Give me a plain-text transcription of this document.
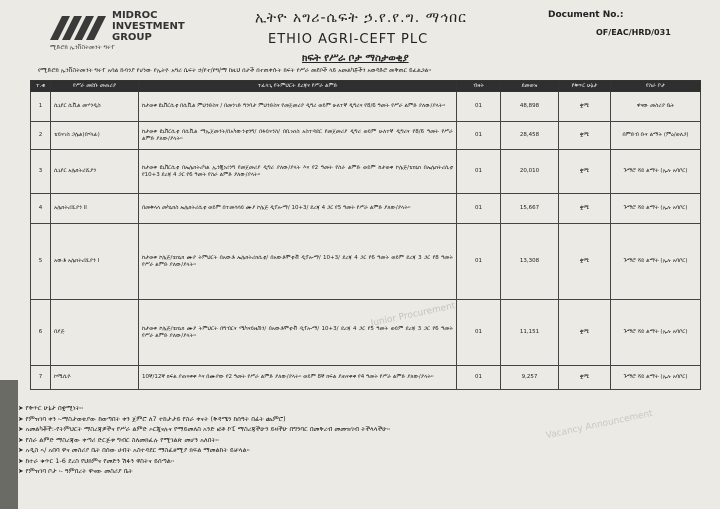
MIDROC
INVESTMENT
GROUP
ሚድሮክ ኢንቨስትመንት ግሩፕ
ኢትዮ አግሪ-ሴፍት ኃ.የ.የ.ግ. ማኅበር
ETHIO AGRI-CEFT PLC
Document No.:
OF/EAC/HRD/031
ክፍት የሥራ ቦታ ማስታወቂያ
የሚድሮክ ኢንቨስትመንት ግሩፕ አባል ኩባንያ የሆነው የኢትዮ አግሪ ሴፍት ኃ/የተ/የግ/ማ ከዚህ በታች በተጠቀሱት ክፍት የሥራ መደቦች ላይ አመልካቾችን አወዳድሮ መቅጠር ይፈልጋል፡፡
ተ.ቁ	የሥራ መደቡ መጠሪያ	ተፈላጊ የትምህርት ደረጃና የሥራ ልምድ	ብዛት	ደመወዝ	የቅጥር ሁኔታ	የስራ ቦታ
1	ሲኒየር ሲቪል መሃንዲስ	ከታወቀ ዩኒቨርሲቲ በሲቪል ምህንድስና / በመንገድ ግንባታ ምህንድስና የመጀመሪያ ዲግሪ ወይም ሁለተኛ ዲግሪና የ8/6 ዓመት የሥራ ልምድ ያለው/ያላት፡፡	01	48,898	ቋሚ	ዋናው መስሪያ ቤት
2	ቴይናገስ ጋሌል(በሃላፊ)	ከታወቀ ዩኒቨርሲቲ በሲቪል ማኢጀመንት/በአካውንቲንግ/ በፋይናንስ/ በቢዝነስ አስተዳደር የመጀመሪያ ዲግሪ ወይም ሁለተኛ ዲግሪና የ8/6 ዓመት የሥራ ልምድ ያለው/ያላት፡፡	01	28,458	ቋሚ	በምድብ ቡና ልማት (ምዕ/ወለጋ)
3	ሲኒየር አሌክትሪሺያን	ከታወቀ ዩኒቨርሲቲ በኤሌክትሪካል ኢንጂነሪንግ የመጀመሪያ ዲግሪ ያለው/ያላት እና የ2 ዓመት የስራ ልምድ ወይም ከታወቀ ኮሌጅ/ቴክኒክ በኤሌክትሪሲቲ የ10+3 ደረጃ 4 ጋር የ6 ዓመት የስራ ልምድ ያለው/ያላት፡፡	01	20,010	ቋሚ	ጉማሮ ሻይ ልማት (ኢሉ አባቦር)
4	አሌክትሪሺያን II	በመቅላላ መካኒክስ ኤሌክትሪሲቲ ወይም በተመሳሳይ ሙያ ኮሌጅ ዲፕሎማ/ 10+3/ ደረጃ 4 ጋር የ5 ዓመት የሥራ ልምድ ያለው/ያላት፡፡	01	15,667	ቋሚ	ጉማሮ ሻይ ልማት (ኢሉ አባቦር)
5	አውቶ አሌክትሪሺያን I	ከታወቀ ኮሌጅ/ቴክኒክ ሙያ ትምህርት በአውቶ ኤሌክትሪክሲቲ/ በአውቶሞቲቭ ዲፕሎማ/ 10+3/ ደረጃ 4 ጋር የ6 ዓመት ወይም ደረጃ 3 ጋር የ8 ዓመት የሥራ ልምድ ያለው/ያላት፡፡	01	13,308	ቋሚ	ጉማሮ ሻይ ልማት (ኢሉ አባቦር)
6	በያጅ	ከታወቀ ኮሌጅ/ቴክኒክ ሙያ ትምህርት በግብርና ሜካናይዜሽን/ በአውቶሞቲቭ ዲፕሎማ/ 10+3/ ደረጃ 4 ጋር የ5 ዓመት ወይም ደረጃ 3 ጋር የ6 ዓመት የሥራ ልምድ ያለው/ያላት፡፡	01	11,151	ቋሚ	ጉማሮ ሻይ ልማት (ኢሉ አባቦር)
7	ኮሚሲዮ	10ኛ/12ኛ ክፍል ያጠናቀቀ እና በሙያው የ2 ዓመት የሥራ ልምድ ያለው/ያላት፡፡ ወይም 8ኛ ክፍል ያጠናቀቀ የ4 ዓመት የሥራ ልምድ ያለው/ያላት፡፡	01	9,257	ቋሚ	ጉማሮ ሻይ ልማት (ኢሉ አባቦር)
Junior Procurement
Vacancy Announcement
➤ የቅጥር ሁኔታ በቋሚነት፡፡
➤ የምዝገባ ቀን ፡-ማስታወቂያው ከወጣበት ቀን ጀምሮ ለ7 ተከታታይ የስራ ቀናት (ቅዳሜን ከሰዓት በፊት ጨምሮ)
➤ አመልካቾች:-የትምህርት ማስረጃዎችና የሥራ ልምድ ኦርጂናሉና የማይመለስ አንድ ፎቶ ኮፒ ማስረጃችሁን ይዛችሁ በግንባር በመቅረብ መመዝገብ ትችላላችሁ፡፡
➤ የስራ ልምድ ማስረጃው ቀጣሪ ድርጅቱ ግብር ስለመክፈሉ የሚገልጽ መሆን አለበት፡፡
➤ አዲስ ኣ/ አበባ ዋና መስሪያ ቤት በሰው ሀብት አስተዳደር ማስፈፀሚያ ክፍል ማመልከት ይቻላል፡፡
➤ ከተራ ቁጥር 1-6 ደረስ የህክምና የመድን ሽፋን ዋስትና ይሰጣል፡፡
➤ የምዝገባ ቦታ ፡- ዓምበረት ዋናው መስሪያ ቤት
